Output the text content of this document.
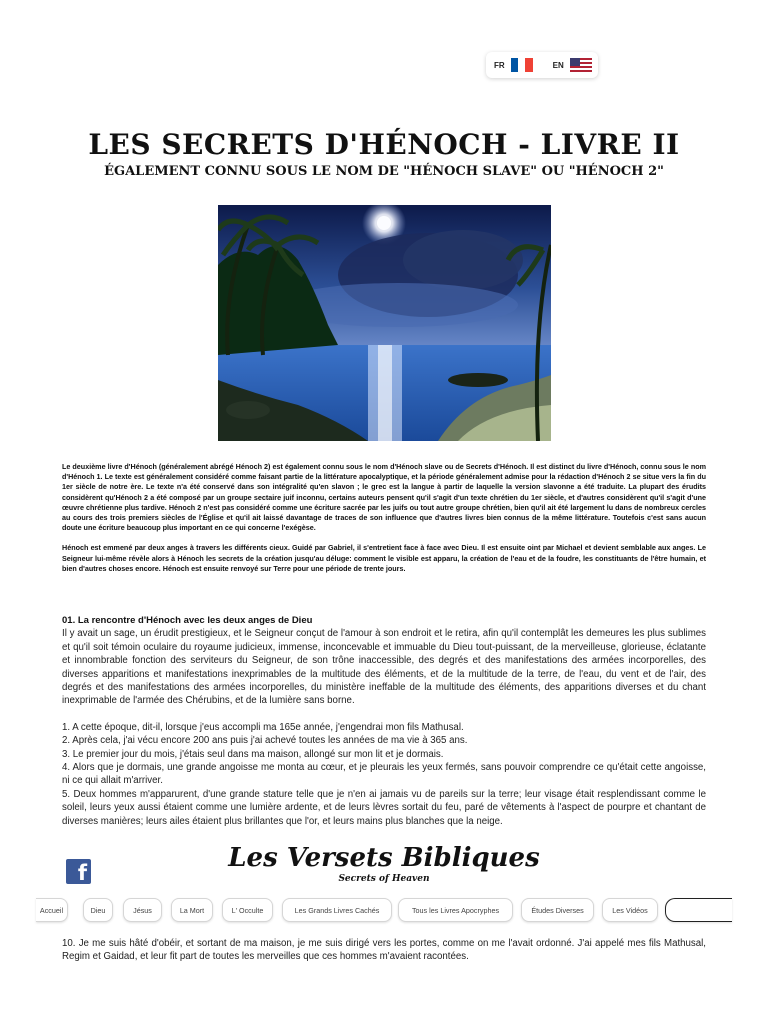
FR	EN
LES SECRETS D'HÉNOCH - LIVRE II
ÉGALEMENT CONNU SOUS LE NOM DE "HÉNOCH SLAVE" OU "HÉNOCH 2"

Le deuxième livre d'Hénoch (généralement abrégé Hénoch 2) est également connu sous le nom d'Hénoch slave ou de Secrets d'Hénoch. Il est distinct du livre d'Hénoch, connu sous le nom d'Hénoch 1. Le texte est généralement considéré comme faisant partie de la littérature apocalyptique, et la période généralement admise pour la rédaction d'Hénoch 2 se situe vers la fin du 1er siècle de notre ère. Le texte n'a été conservé dans son intégralité qu'en slavon ; le grec est la langue à partir de laquelle la version slavonne a été traduite. La plupart des érudits considèrent qu'Hénoch 2 a été composé par un groupe sectaire juif inconnu, certains auteurs pensent qu'il s'agit d'un texte chrétien du 1er siècle, et d'autres considèrent qu'il s'agit d'une œuvre chrétienne plus tardive. Hénoch 2 n'est pas considéré comme une écriture sacrée par les juifs ou tout autre groupe chrétien, bien qu'il ait été largement lu dans de nombreux cercles au cours des trois premiers siècles de l'Église et qu'il ait laissé davantage de traces de son influence que d'autres livres bien connus de la même littérature. Toutefois c'est sans aucun doute une écriture beaucoup plus important en ce qui concerne l'exégèse.

Hénoch est emmené par deux anges à travers les différents cieux. Guidé par Gabriel, il s'entretient face à face avec Dieu. Il est ensuite oint par Michael et devient semblable aux anges. Le Seigneur lui-même révèle alors à Hénoch les secrets de la création jusqu'au déluge: comment le visible est apparu, la création de l'eau et de la foudre, les constituants de l'être humain, et bien d'autres choses encore. Hénoch est ensuite renvoyé sur Terre pour une période de trente jours.

01. La rencontre d'Hénoch avec les deux anges de Dieu

Il y avait un sage, un érudit prestigieux, et le Seigneur conçut de l'amour à son endroit et le retira, afin qu'il contemplât les demeures les plus sublimes et qu'il soit témoin oculaire du royaume judicieux, immense, inconcevable et immuable du Dieu tout-puissant, de la merveilleuse, glorieuse, éclatante et innombrable fonction des serviteurs du Seigneur, de son trône inaccessible, des degrés et des manifestations des armées incorporelles, des diverses apparitions et manifestations inexprimables de la multitude des éléments, et de la multitude de la terre, de l'eau, du vent et de l'air, des degrés et des manifestations des armées incorporelles, du ministère ineffable de la multitude des éléments, des apparitions diverses et du chant inexprimable de l'armée des Chérubins, et de la lumière sans borne.

1. A cette époque, dit-il, lorsque j'eus accompli ma 165e année, j'engendrai mon fils Mathusal.

2. Après cela, j'ai vécu encore 200 ans puis j'ai achevé toutes les années de ma vie à 365 ans.

3. Le premier jour du mois, j'étais seul dans ma maison, allongé sur mon lit et je dormais.

4. Alors que je dormais, une grande angoisse me monta au cœur, et je pleurais les yeux fermés, sans pouvoir comprendre ce qu'était cette angoisse, ni ce qui allait m'arriver.

5. Deux hommes m'apparurent, d'une grande stature telle que je n'en ai jamais vu de pareils sur la terre; leur visage était resplendissant comme le soleil, leurs yeux aussi étaient comme une lumière ardente, et de leurs lèvres sortait du feu, paré de vêtements à l'aspect de pourpre et chantant de diverses manières; leurs ailes étaient plus brillantes que l'or, et leurs mains plus blanches que la neige.

f	Les Versets Bibliques
Secrets of Heaven
Accueil	Dieu	Jésus	La Mort	L' Occulte	Les Grands Livres Cachés	Tous les Livres Apocryphes	Études Diverses	Les Vidéos
10. Je me suis hâté d'obéir, et sortant de ma maison, je me suis dirigé vers les portes, comme on me l'avait ordonné. J'ai appelé mes fils Mathusal, Regim et Gaidad, et leur fit part de toutes les merveilles que ces hommes m'avaient racontées.
